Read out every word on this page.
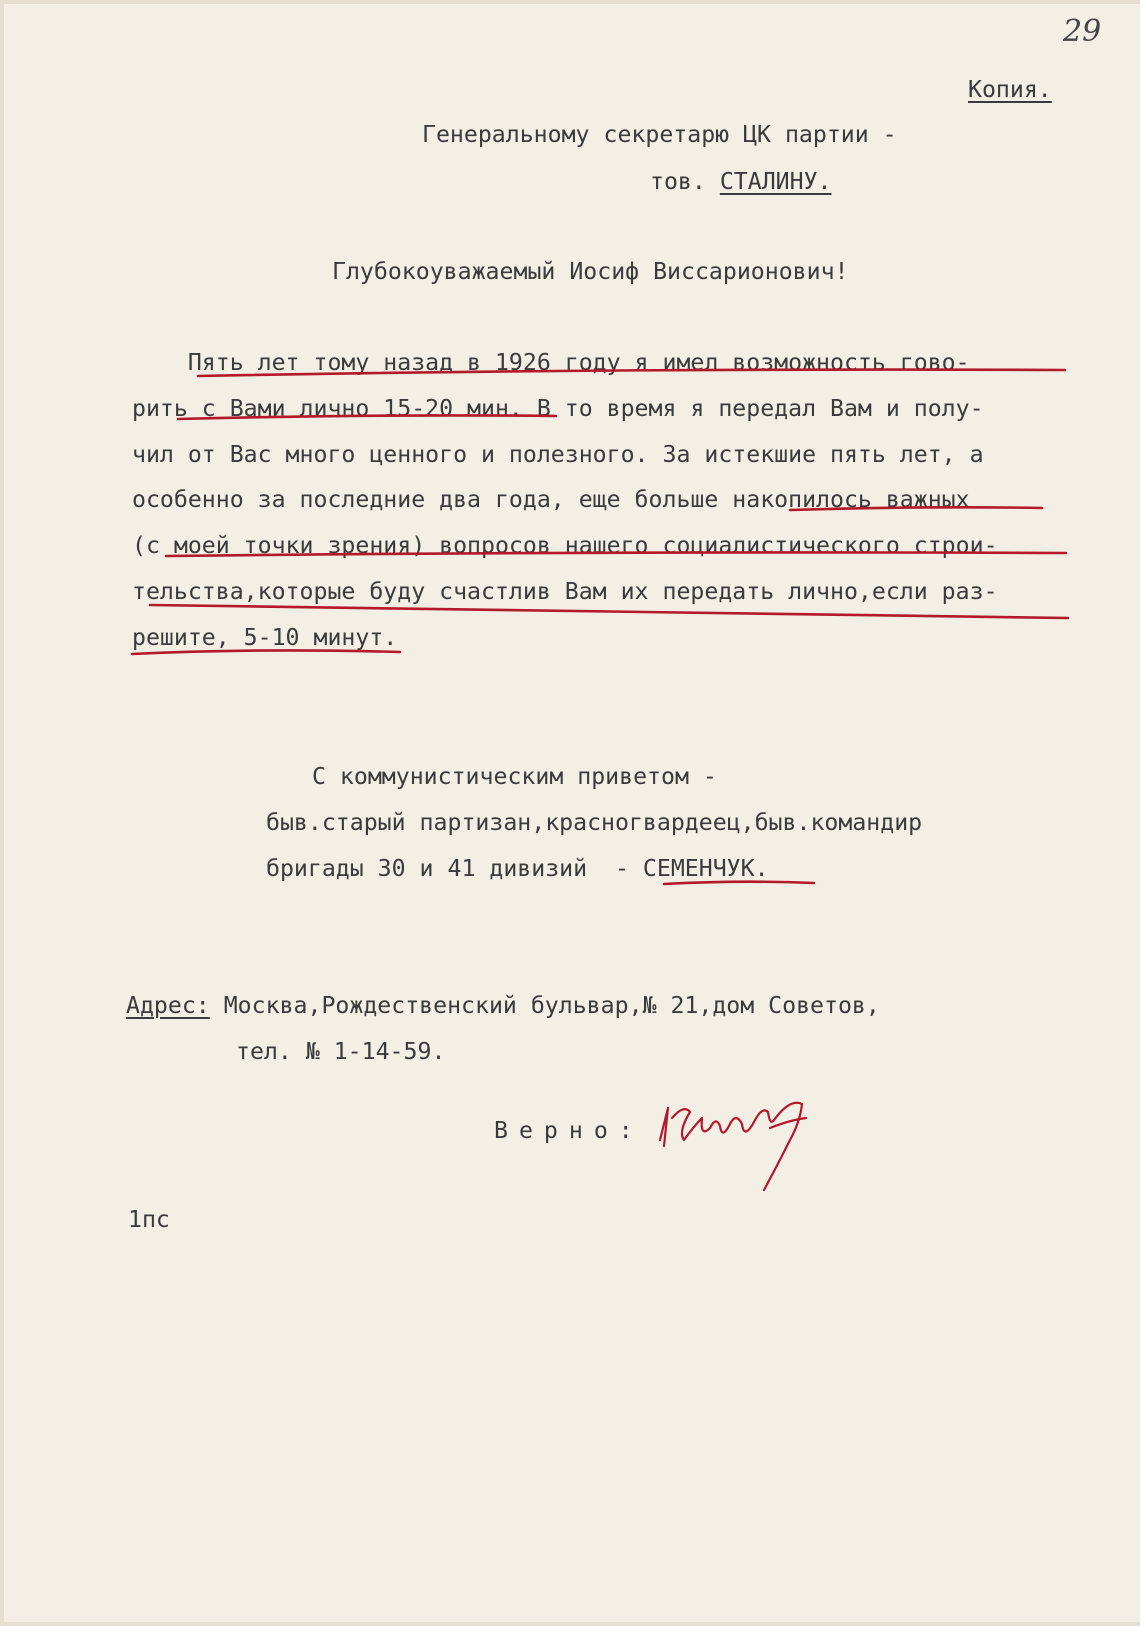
29
Копия.
Генеральному секретарю ЦК партии -
тов. СТАЛИНУ.
Глубокоуважаемый Иосиф Виссарионович!
Пять лет тому назад в 1926 году я имел возможность гово-
рить с Вами лично 15-20 мин. В то время я передал Вам и полу-
чил от Вас много ценного и полезного. За истекшие пять лет, а
особенно за последние два года, еще больше накопилось важных
(с моей точки зрения) вопросов нашего социалистического строи-
тельства,которые буду счастлив Вам их передать лично,если раз-
решите, 5-10 минут.
С коммунистическим приветом -
быв.старый партизан,красногвардеец,быв.командир
бригады 30 и 41 дивизий  - СЕМЕНЧУК.
Адрес: Москва,Рождественский бульвар,№ 21,дом Советов,
тел. № 1-14-59.
Верно:
1пс
